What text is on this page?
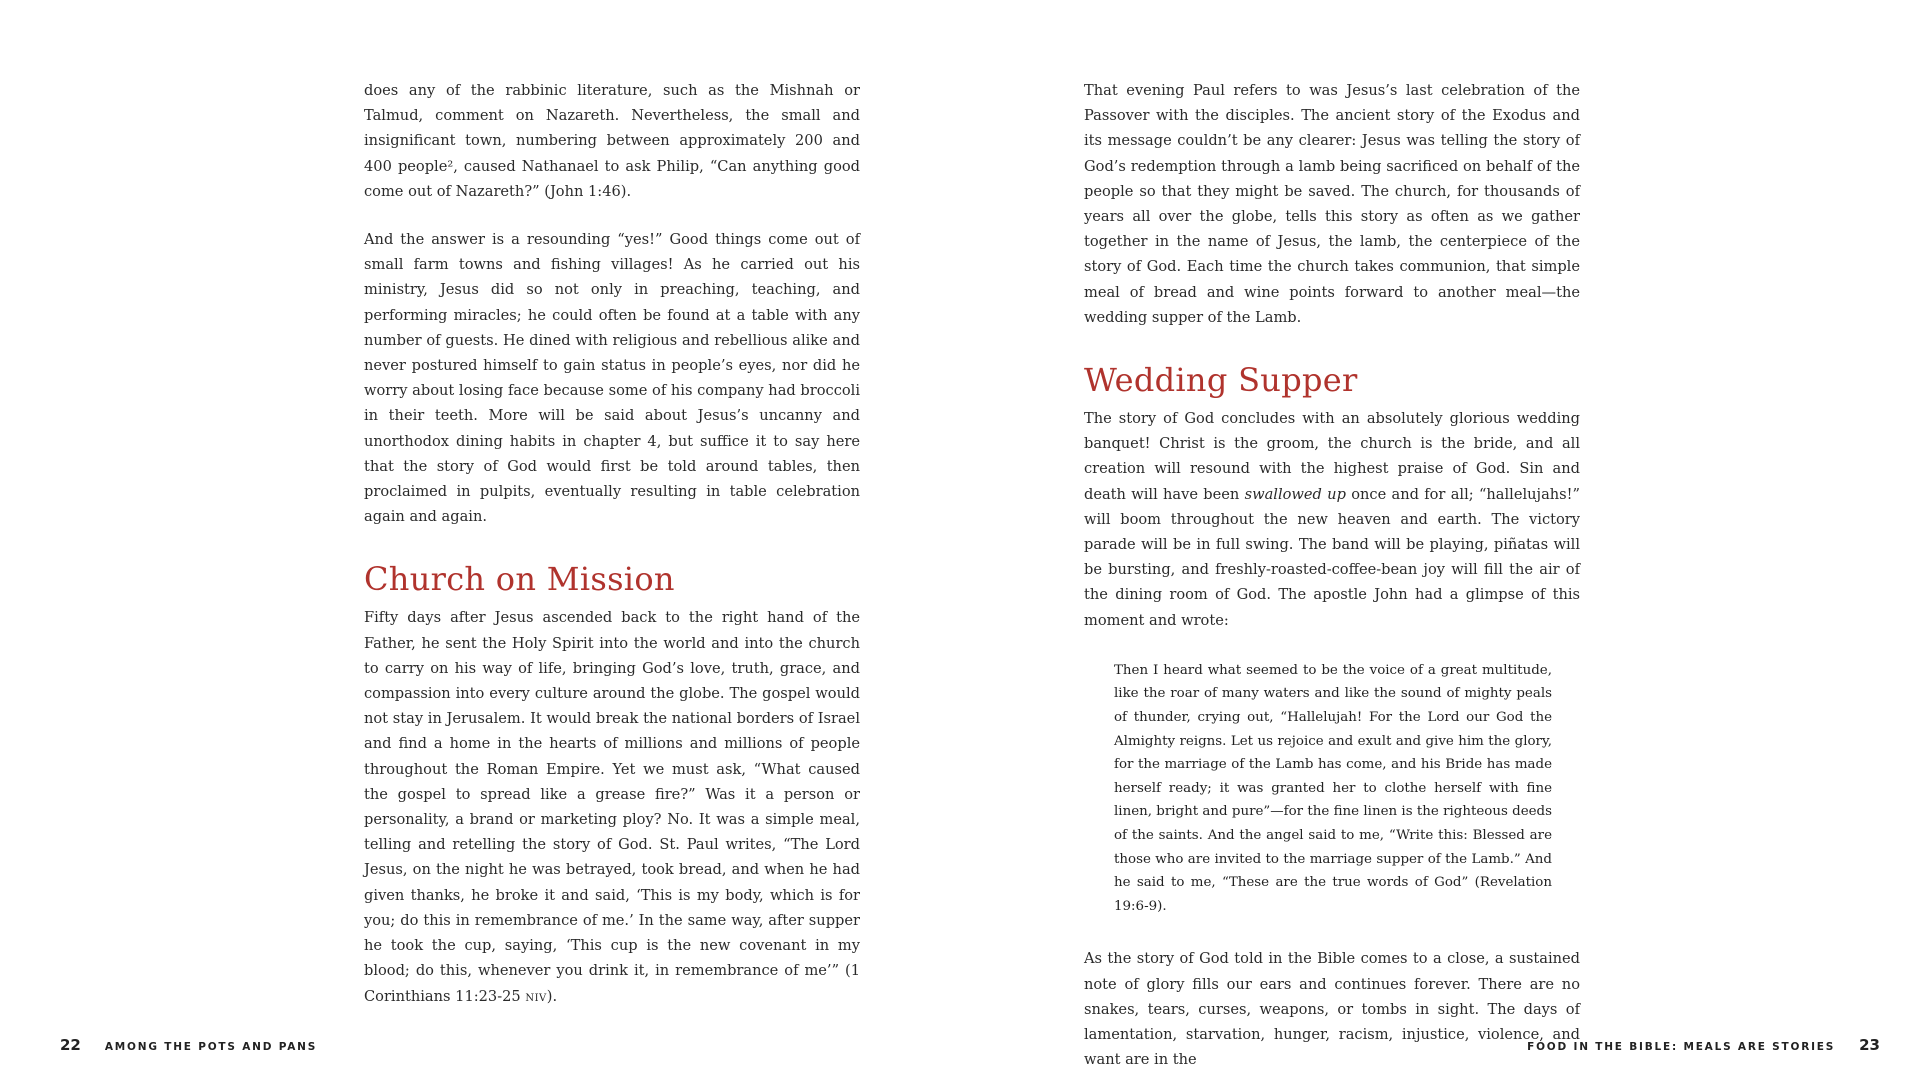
does any of the rabbinic literature, such as the Mishnah or Talmud, comment on Nazareth. Nevertheless, the small and insignificant town, numbering between approximately 200 and 400 people², caused Nathanael to ask Philip, “Can anything good come out of Nazareth?” (John 1:46).

And the answer is a resounding “yes!” Good things come out of small farm towns and fishing villages! As he carried out his ministry, Jesus did so not only in preaching, teaching, and performing miracles; he could often be found at a table with any number of guests. He dined with religious and rebellious alike and never postured himself to gain status in people’s eyes, nor did he worry about losing face because some of his company had broccoli in their teeth. More will be said about Jesus’s uncanny and unorthodox dining habits in chapter 4, but suffice it to say here that the story of God would first be told around tables, then proclaimed in pulpits, eventually resulting in table celebration again and again.

Church on Mission

Fifty days after Jesus ascended back to the right hand of the Father, he sent the Holy Spirit into the world and into the church to carry on his way of life, bringing God’s love, truth, grace, and compassion into every culture around the globe. The gospel would not stay in Jerusalem. It would break the national borders of Israel and find a home in the hearts of millions and millions of people throughout the Roman Empire. Yet we must ask, “What caused the gospel to spread like a grease fire?” Was it a person or personality, a brand or marketing ploy? No. It was a simple meal, telling and retelling the story of God. St. Paul writes, “The Lord Jesus, on the night he was betrayed, took bread, and when he had given thanks, he broke it and said, ‘This is my body, which is for you; do this in remembrance of me.’ In the same way, after supper he took the cup, saying, ‘This cup is the new covenant in my blood; do this, whenever you drink it, in remembrance of me’” (1 Corinthians 11:23-25 NIV).

That evening Paul refers to was Jesus’s last celebration of the Passover with the disciples. The ancient story of the Exodus and its message couldn’t be any clearer: Jesus was telling the story of God’s redemption through a lamb being sacrificed on behalf of the people so that they might be saved. The church, for thousands of years all over the globe, tells this story as often as we gather together in the name of Jesus, the lamb, the centerpiece of the story of God. Each time the church takes communion, that simple meal of bread and wine points forward to another meal—the wedding supper of the Lamb.

Wedding Supper

The story of God concludes with an absolutely glorious wedding banquet! Christ is the groom, the church is the bride, and all creation will resound with the highest praise of God. Sin and death will have been swallowed up once and for all; “hallelujahs!” will boom throughout the new heaven and earth. The victory parade will be in full swing. The band will be playing, piñatas will be bursting, and freshly-roasted-coffee-bean joy will fill the air of the dining room of God. The apostle John had a glimpse of this moment and wrote:

Then I heard what seemed to be the voice of a great multitude, like the roar of many waters and like the sound of mighty peals of thunder, crying out, “Hallelujah! For the Lord our God the Almighty reigns. Let us rejoice and exult and give him the glory, for the marriage of the Lamb has come, and his Bride has made herself ready; it was granted her to clothe herself with fine linen, bright and pure”—for the fine linen is the righteous deeds of the saints. And the angel said to me, “Write this: Blessed are those who are invited to the marriage supper of the Lamb.” And he said to me, “These are the true words of God” (Revelation 19:6-9).

As the story of God told in the Bible comes to a close, a sustained note of glory fills our ears and continues forever. There are no snakes, tears, curses, weapons, or tombs in sight. The days of lamentation, starvation, hunger, racism, injustice, violence, and want are in the

22 AMONG THE POTS AND PANS	FOOD IN THE BIBLE: MEALS ARE STORIES 23
